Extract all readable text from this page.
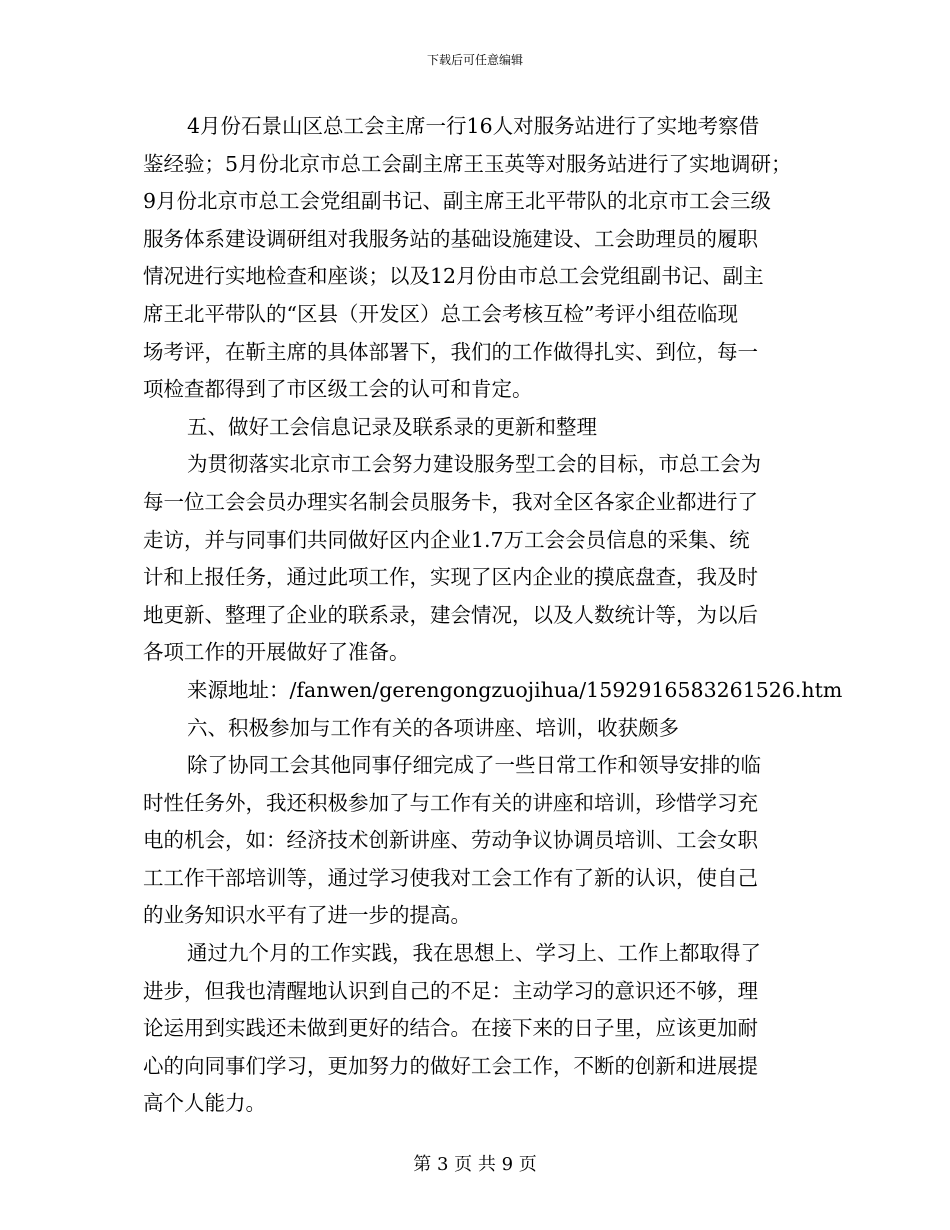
下载后可任意编辑
4月份石景山区总工会主席一行16人对服务站进行了实地考察借
鉴经验；5月份北京市总工会副主席王玉英等对服务站进行了实地调研；
9月份北京市总工会党组副书记、副主席王北平带队的北京市工会三级
服务体系建设调研组对我服务站的基础设施建设、工会助理员的履职
情况进行实地检查和座谈；以及12月份由市总工会党组副书记、副主
席王北平带队的“区县（开发区）总工会考核互检”考评小组莅临现
场考评，在靳主席的具体部署下，我们的工作做得扎实、到位，每一
项检查都得到了市区级工会的认可和肯定。
五、做好工会信息记录及联系录的更新和整理
为贯彻落实北京市工会努力建设服务型工会的目标，市总工会为
每一位工会会员办理实名制会员服务卡，我对全区各家企业都进行了
走访，并与同事们共同做好区内企业1.7万工会会员信息的采集、统
计和上报任务，通过此项工作，实现了区内企业的摸底盘查，我及时
地更新、整理了企业的联系录，建会情况，以及人数统计等，为以后
各项工作的开展做好了准备。
来源地址：/fanwen/gerengongzuojihua/1592916583261526.htm
六、积极参加与工作有关的各项讲座、培训，收获颇多
除了协同工会其他同事仔细完成了一些日常工作和领导安排的临
时性任务外，我还积极参加了与工作有关的讲座和培训，珍惜学习充
电的机会，如：经济技术创新讲座、劳动争议协调员培训、工会女职
工工作干部培训等，通过学习使我对工会工作有了新的认识，使自己
的业务知识水平有了进一步的提高。
通过九个月的工作实践，我在思想上、学习上、工作上都取得了
进步，但我也清醒地认识到自己的不足：主动学习的意识还不够，理
论运用到实践还未做到更好的结合。在接下来的日子里，应该更加耐
心的向同事们学习，更加努力的做好工会工作，不断的创新和进展提
高个人能力。
第 3 页 共 9 页
